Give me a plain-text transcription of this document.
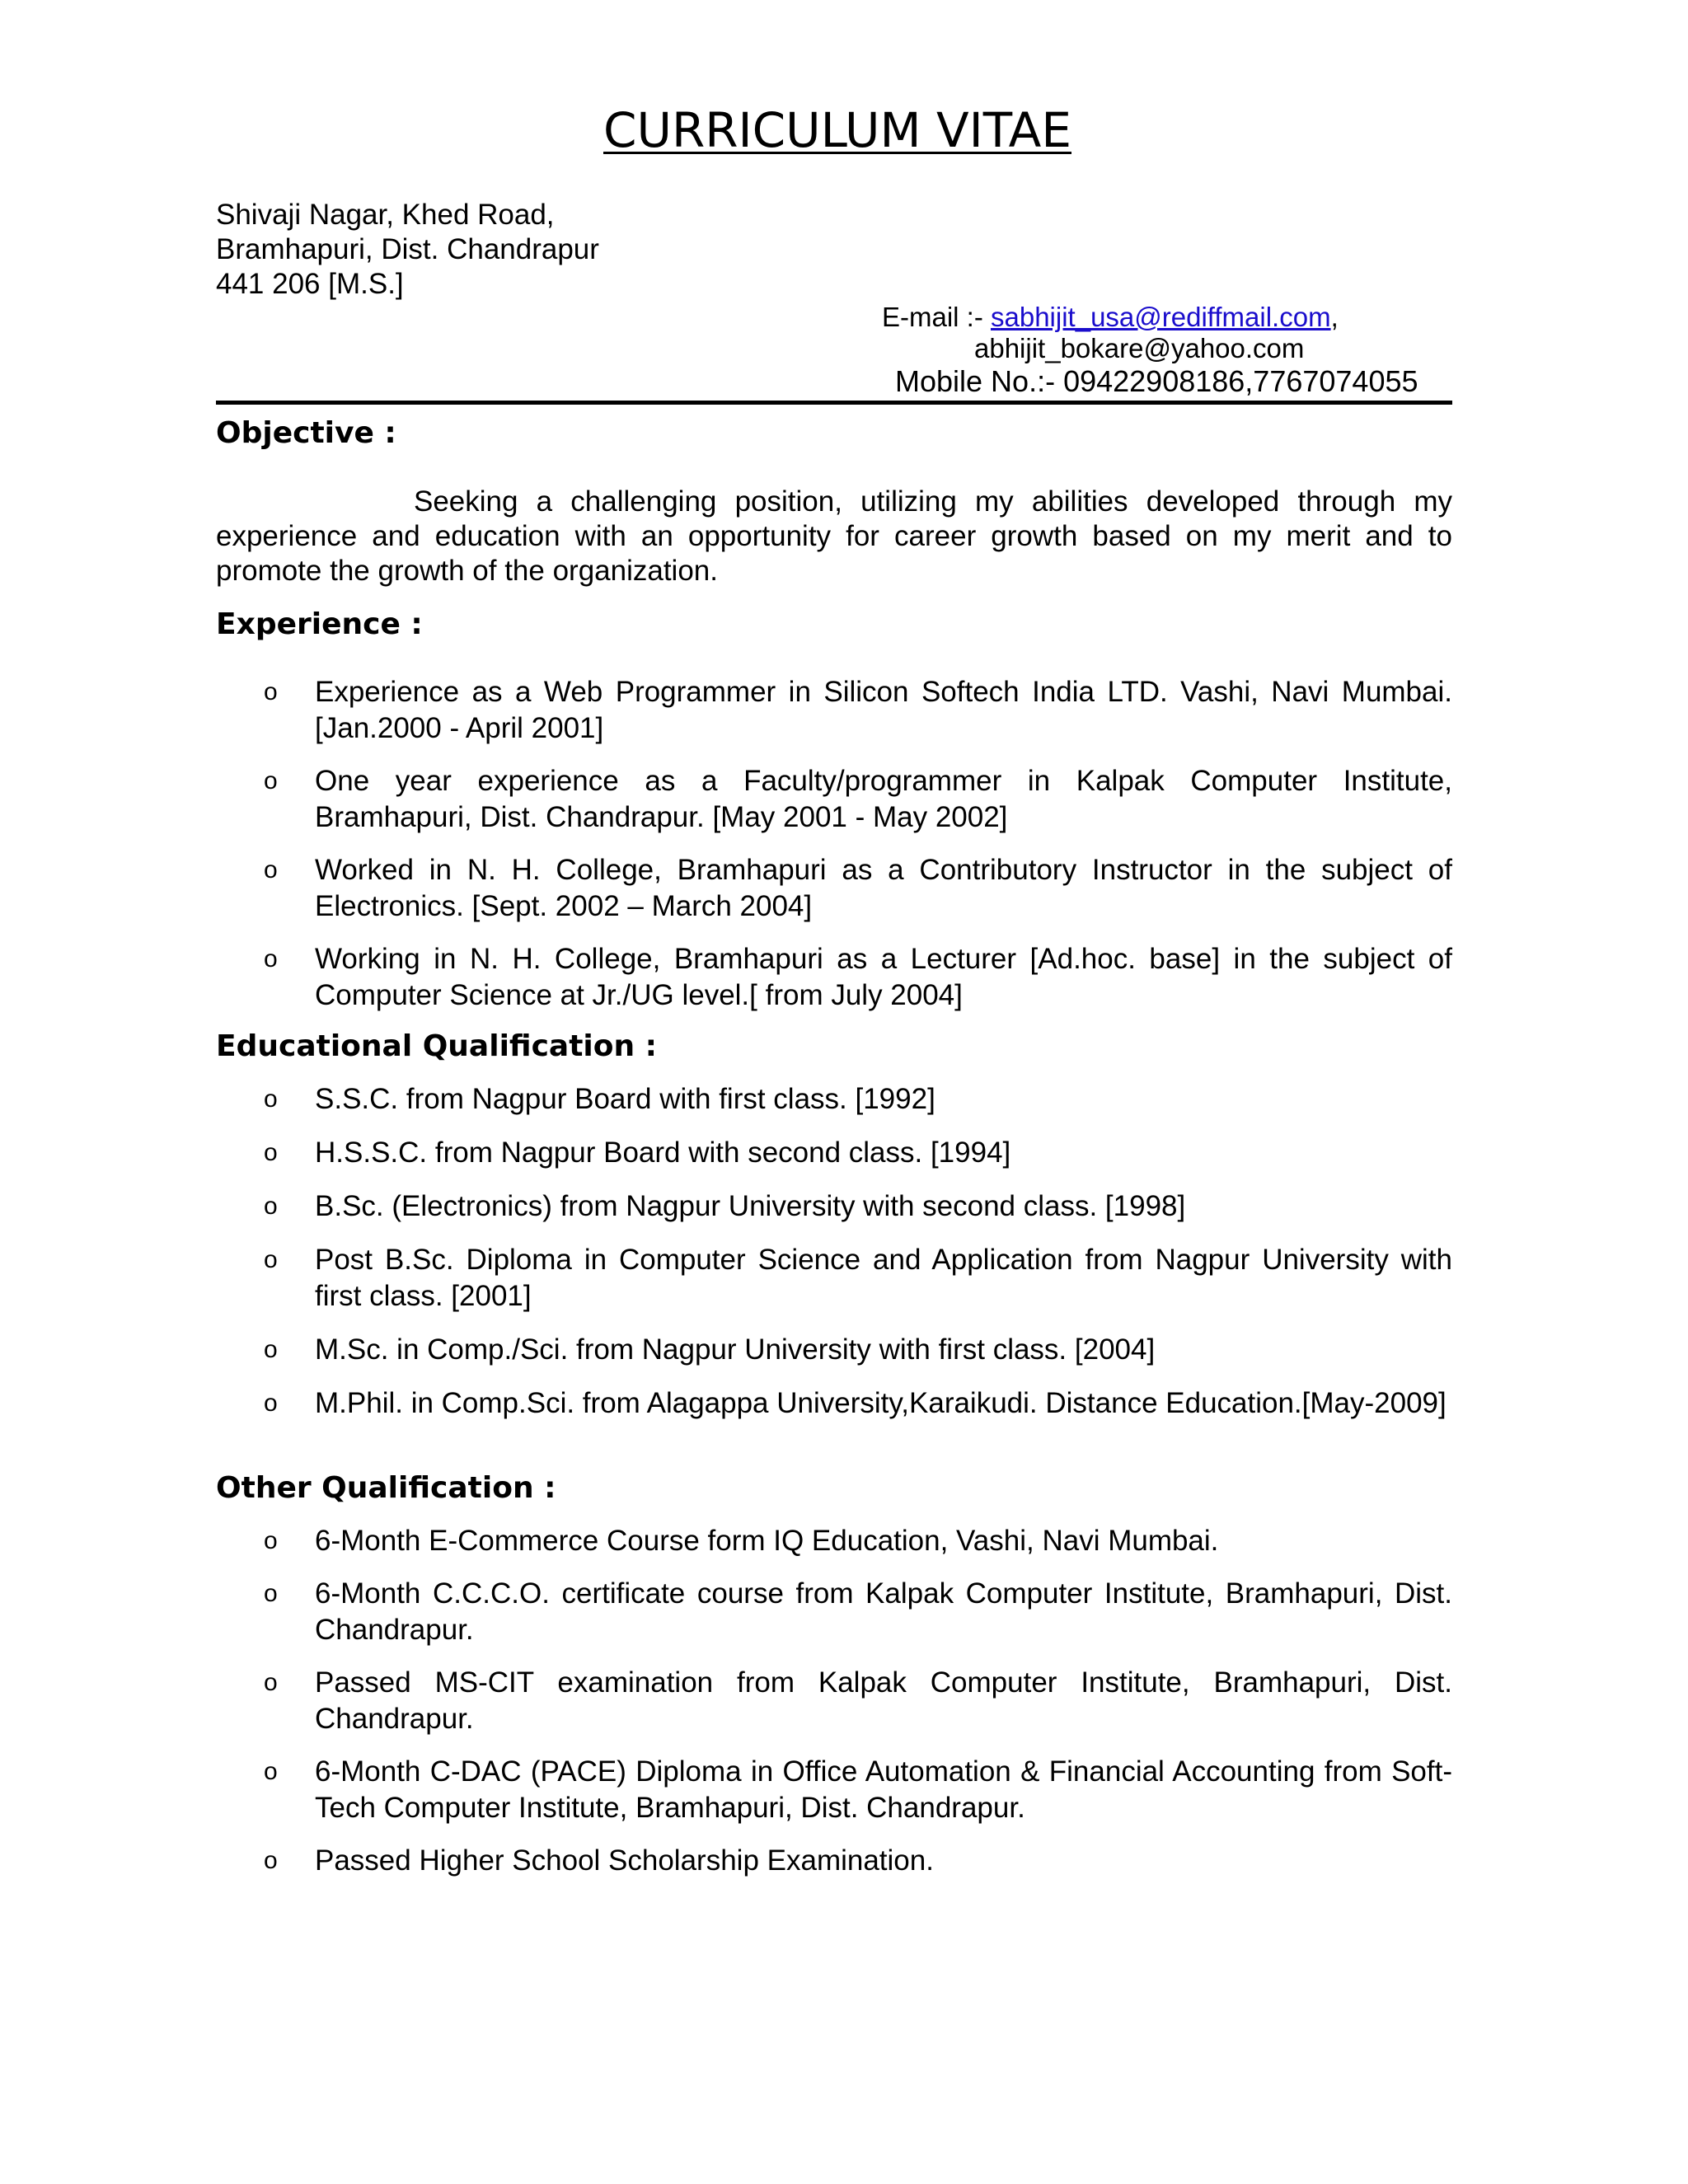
CURRICULUM VITAE
Shivaji Nagar, Khed Road,
Bramhapuri, Dist. Chandrapur
441 206 [M.S.]
E-mail :- sabhijit_usa@rediffmail.com,
abhijit_bokare@yahoo.com
Mobile No.:- 09422908186,7767074055
Objective :

Seeking a challenging position, utilizing my abilities developed through my experience and education with an opportunity for career growth based on my merit and to promote the growth of the organization.

Experience :
o Experience as a Web Programmer in Silicon Softech India LTD. Vashi, Navi Mumbai. [Jan.2000 - April 2001]
o One year experience as a Faculty/programmer in Kalpak Computer Institute, Bramhapuri, Dist. Chandrapur. [May 2001 - May 2002]
o Worked in N. H. College, Bramhapuri as a Contributory Instructor in the subject of Electronics. [Sept. 2002 – March 2004]
o Working in N. H. College, Bramhapuri as a Lecturer [Ad.hoc. base] in the subject of Computer Science at Jr./UG level.[ from July 2004]
Educational Qualification :
o S.S.C. from Nagpur Board with first class. [1992]
o H.S.S.C. from Nagpur Board with second class. [1994]
o B.Sc. (Electronics) from Nagpur University with second class. [1998]
o Post B.Sc. Diploma in Computer Science and Application from Nagpur University with first class. [2001]
o M.Sc. in Comp./Sci. from Nagpur University with first class. [2004]
o M.Phil. in Comp.Sci. from Alagappa University,Karaikudi. Distance Education.[May-2009]
Other Qualification :
o 6-Month E-Commerce Course form IQ Education, Vashi, Navi Mumbai.
o 6-Month C.C.C.O. certificate course from Kalpak Computer Institute, Bramhapuri, Dist. Chandrapur.
o Passed MS-CIT examination from Kalpak Computer Institute, Bramhapuri, Dist. Chandrapur.
o 6-Month C-DAC (PACE) Diploma in Office Automation & Financial Accounting from Soft-Tech Computer Institute, Bramhapuri, Dist. Chandrapur.
o Passed Higher School Scholarship Examination.
